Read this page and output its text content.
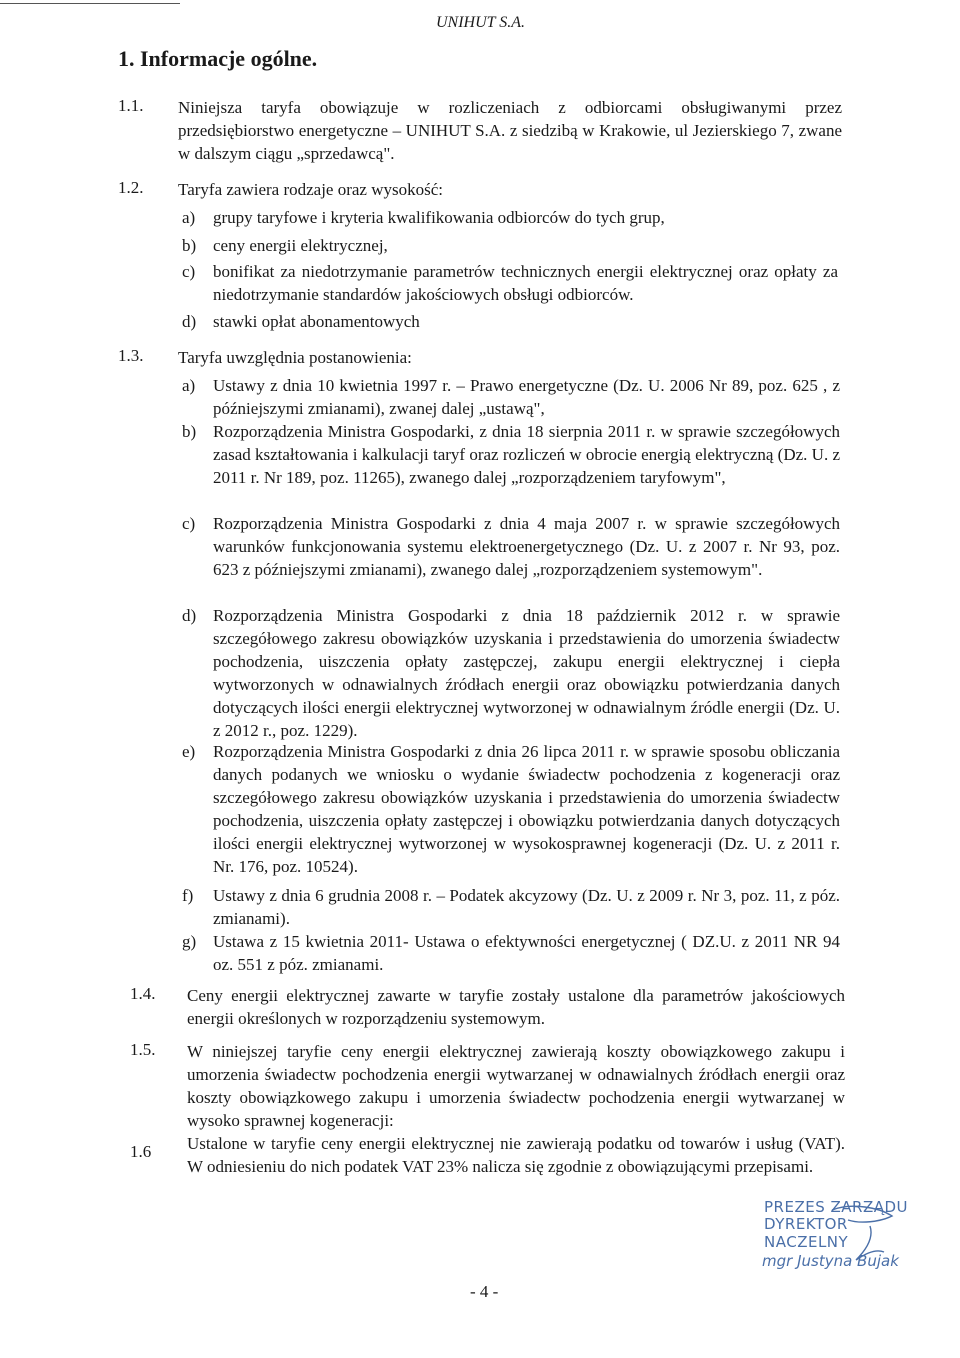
UNIHUT S.A.
1. Informacje ogólne.
1.1. Niniejsza taryfa obowiązuje w rozliczeniach z odbiorcami obsługiwanymi przez przedsiębiorstwo energetyczne – UNIHUT S.A. z siedzibą w Krakowie, ul Jezierskiego 7, zwane w dalszym ciągu „sprzedawcą".
1.2. Taryfa zawiera rodzaje oraz wysokość:
a) grupy taryfowe i kryteria kwalifikowania odbiorców do tych grup,
b) ceny energii elektrycznej,
c) bonifikat za niedotrzymanie parametrów technicznych energii elektrycznej oraz opłaty za niedotrzymanie standardów jakościowych obsługi odbiorców.
d) stawki opłat abonamentowych
1.3. Taryfa uwzględnia postanowienia:
a) Ustawy z dnia 10 kwietnia 1997 r. – Prawo energetyczne (Dz. U. 2006 Nr 89, poz. 625 , z późniejszymi zmianami), zwanej dalej „ustawą",
b) Rozporządzenia Ministra Gospodarki, z dnia 18 sierpnia 2011 r. w sprawie szczegółowych zasad kształtowania i kalkulacji taryf oraz rozliczeń w obrocie energią elektryczną (Dz. U. z 2011 r. Nr 189, poz. 11265), zwanego dalej „rozporządzeniem taryfowym",
c) Rozporządzenia Ministra Gospodarki z dnia 4 maja 2007 r. w sprawie szczegółowych warunków funkcjonowania systemu elektroenergetycznego (Dz. U. z 2007 r. Nr 93, poz. 623 z późniejszymi zmianami), zwanego dalej „rozporządzeniem systemowym".
d) Rozporządzenia Ministra Gospodarki z dnia 18 październik 2012 r. w sprawie szczegółowego zakresu obowiązków uzyskania i przedstawienia do umorzenia świadectw pochodzenia, uiszczenia opłaty zastępczej, zakupu energii elektrycznej i ciepła wytworzonych w odnawialnych źródłach energii oraz obowiązku potwierdzania danych dotyczących ilości energii elektrycznej wytworzonej w odnawialnym źródle energii (Dz. U. z 2012 r., poz. 1229).
e) Rozporządzenia Ministra Gospodarki z dnia 26 lipca 2011 r. w sprawie sposobu obliczania danych podanych we wniosku o wydanie świadectw pochodzenia z kogeneracji oraz szczegółowego zakresu obowiązków uzyskania i przedstawienia do umorzenia świadectw pochodzenia, uiszczenia opłaty zastępczej i obowiązku potwierdzania danych dotyczących ilości energii elektrycznej wytworzonej w wysokosprawnej kogeneracji (Dz. U. z 2011 r. Nr. 176, poz. 10524).
f) Ustawy z dnia 6 grudnia 2008 r. – Podatek akcyzowy (Dz. U. z 2009 r. Nr 3, poz. 11, z póz. zmianami).
g) Ustawa z 15 kwietnia 2011- Ustawa o efektywności energetycznej ( DZ.U. z 2011 NR 94 oz. 551 z póz. zmianami.
1.4. Ceny energii elektrycznej zawarte w taryfie zostały ustalone dla parametrów jakościowych energii określonych w rozporządzeniu systemowym.
1.5. W niniejszej taryfie ceny energii elektrycznej zawierają koszty obowiązkowego zakupu i umorzenia świadectw pochodzenia energii wytwarzanej w odnawialnych źródłach energii oraz koszty obowiązkowego zakupu i umorzenia świadectw pochodzenia energii wytwarzanej w wysoko sprawnej kogeneracji:
1.6 Ustalone w taryfie ceny energii elektrycznej nie zawierają podatku od towarów i usług (VAT). W odniesieniu do nich podatek VAT 23% nalicza się zgodnie z obowiązującymi przepisami.
PREZES ZARZĄDU
DYREKTOR NACZELNY
mgr Justyna Bujak
- 4 -
